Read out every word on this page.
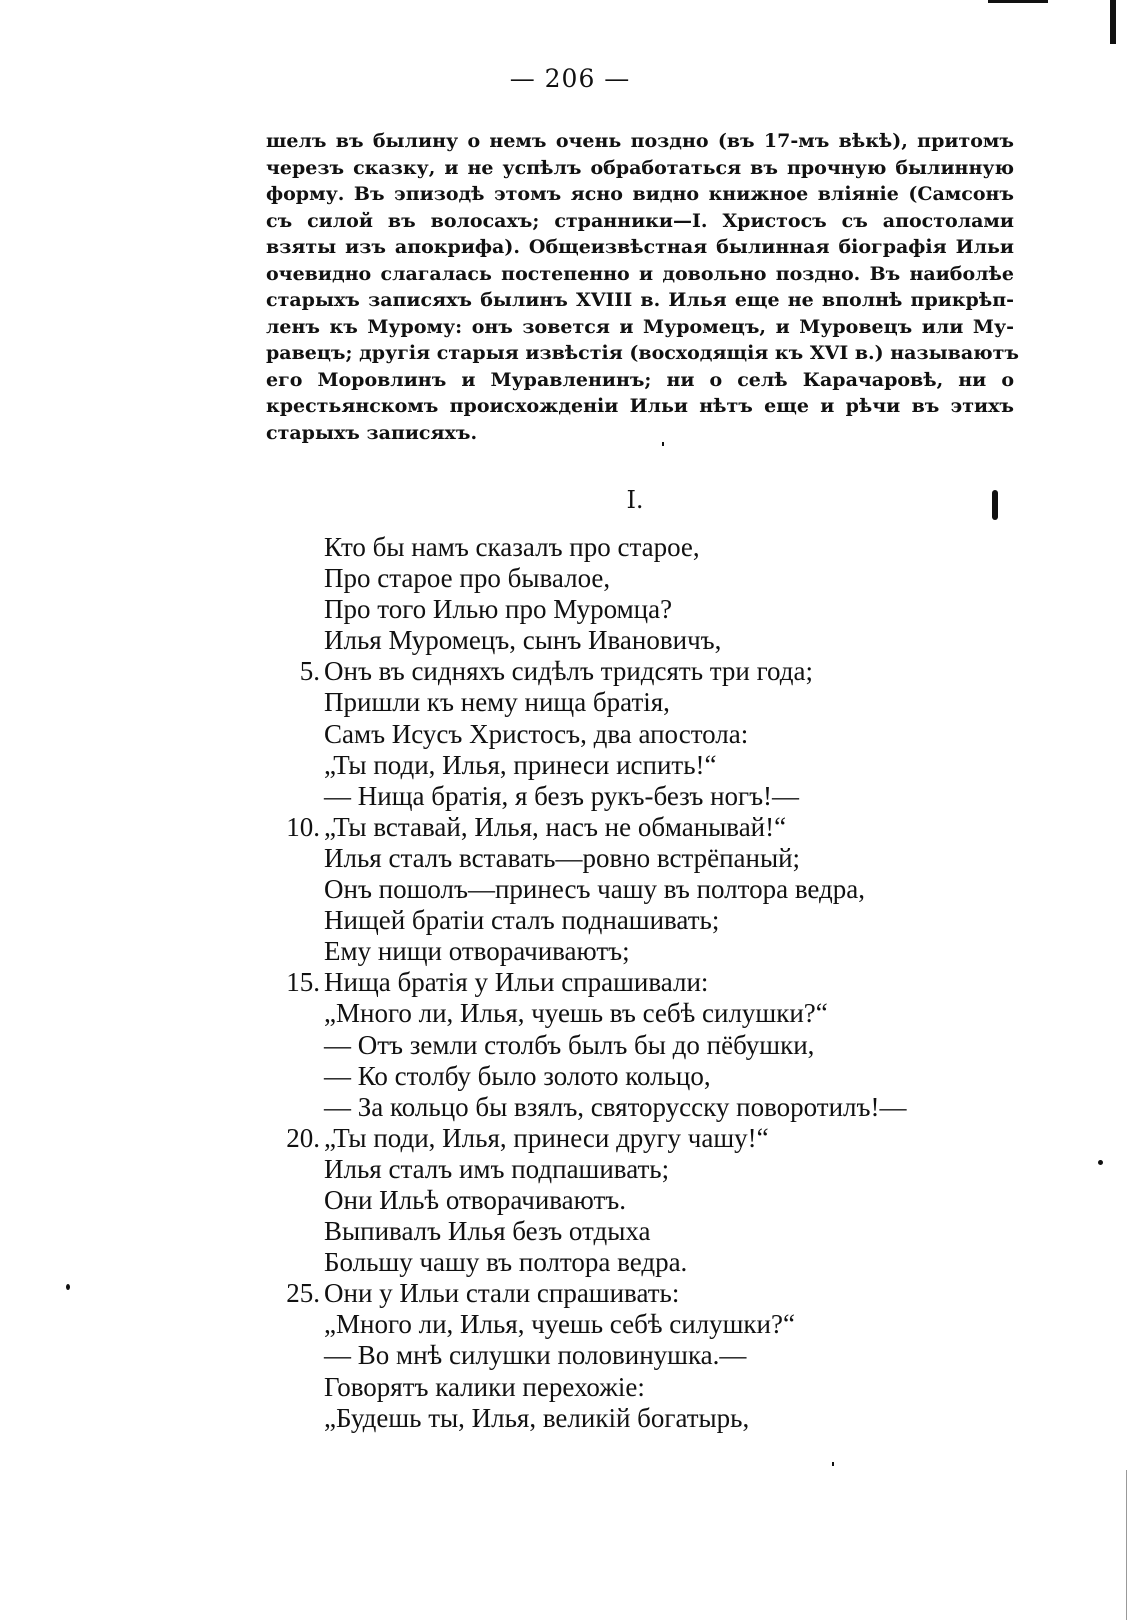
— 206 —
шелъ въ былину о немъ очень поздно (въ 17-мъ вѣкѣ), притомъ
черезъ сказку, и не успѣлъ обработаться въ прочную былинную
форму. Въ эпизодѣ этомъ ясно видно книжное вліяніе (Самсонъ
съ силой въ волосахъ; странники—І. Христосъ съ апостолами
взяты изъ апокрифа). Общеизвѣстная былинная біографія Ильи
очевидно слагалась постепенно и довольно поздно. Въ наиболѣе
старыхъ записяхъ былинъ XVIII в. Илья еще не вполнѣ прикрѣп-
ленъ къ Мурому: онъ зовется и Муромецъ, и Муровецъ или Му-
равецъ; другія старыя извѣстія (восходящія къ XVI в.) называютъ
его Моровлинъ и Муравленинъ; ни о селѣ Карачаровѣ, ни о
крестьянскомъ происхожденіи Ильи нѣтъ еще и рѣчи въ этихъ
старыхъ записяхъ.
I.
Кто бы намъ сказалъ про старое,
Про старое про бывалое,
Про того Илью про Муромца?
Илья Муромецъ, сынъ Ивановичъ,
5. Онъ въ сидняхъ сидѣлъ тридсять три года;
Пришли къ нему нища братія,
Самъ Исусъ Христосъ, два апостола:
„Ты поди, Илья, принеси испить!“
— Нища братія, я безъ рукъ-безъ ногъ!—
10. „Ты вставай, Илья, насъ не обманывай!“
Илья сталъ вставать—ровно встрёпаный;
Онъ пошолъ—принесъ чашу въ полтора ведра,
Нищей братіи сталъ поднашивать;
Ему нищи отворачиваютъ;
15. Нища братія у Ильи спрашивали:
„Много ли, Илья, чуешь въ себѣ силушки?“
— Отъ земли столбъ былъ бы до пёбушки,
— Ко столбу было золото кольцо,
— За кольцо бы взялъ, святорусску поворотилъ!—
20. „Ты поди, Илья, принеси другу чашу!“
Илья сталъ имъ подпашивать;
Они Ильѣ отворачиваютъ.
Выпивалъ Илья безъ отдыха
Большу чашу въ полтора ведра.
25. Они у Ильи стали спрашивать:
„Много ли, Илья, чуешь себѣ силушки?“
— Во мнѣ силушки половинушка.—
Говорятъ калики перехожіе:
„Будешь ты, Илья, великій богатырь,
